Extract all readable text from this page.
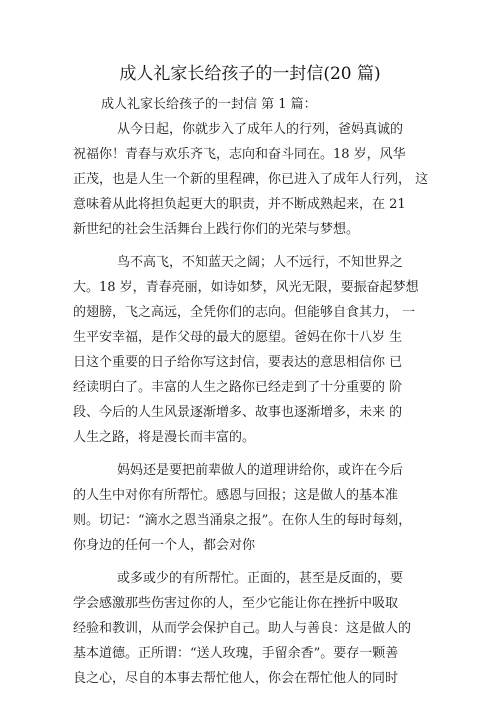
成人礼家长给孩子的一封信(20 篇)
成人礼家长给孩子的一封信 第 1 篇：
从今日起，你就步入了成年人的行列，爸妈真诚的
祝福你！青春与欢乐齐飞，志向和奋斗同在。18 岁，风华
正茂，也是人生一个新的里程碑，你已进入了成年人行列， 这
意味着从此将担负起更大的职责，并不断成熟起来，在 21
新世纪的社会生活舞台上践行你们的光荣与梦想。
鸟不高飞，不知蓝天之阔；人不远行，不知世界之
大。18 岁，青春亮丽，如诗如梦，风光无限，要振奋起梦想
的翅膀，飞之高远，全凭你们的志向。但能够自食其力， 一
生平安幸福，是作父母的最大的愿望。爸妈在你十八岁 生
日这个重要的日子给你写这封信，要表达的意思相信你 已
经读明白了。丰富的人生之路你已经走到了十分重要的 阶
段、今后的人生风景逐渐增多、故事也逐渐增多，未来 的
人生之路，将是漫长而丰富的。
妈妈还是要把前辈做人的道理讲给你，或许在今后
的人生中对你有所帮忙。感恩与回报；这是做人的基本准
则。切记：“滴水之恩当涌泉之报”。在你人生的每时每刻，
你身边的任何一个人，都会对你
或多或少的有所帮忙。正面的，甚至是反面的，要
学会感激那些伤害过你的人，至少它能让你在挫折中吸取
经验和教训，从而学会保护自己。助人与善良：这是做人的
基本道德。正所谓：“送人玫瑰，手留余香”。要存一颗善
良之心，尽自的本事去帮忙他人，你会在帮忙他人的同时
